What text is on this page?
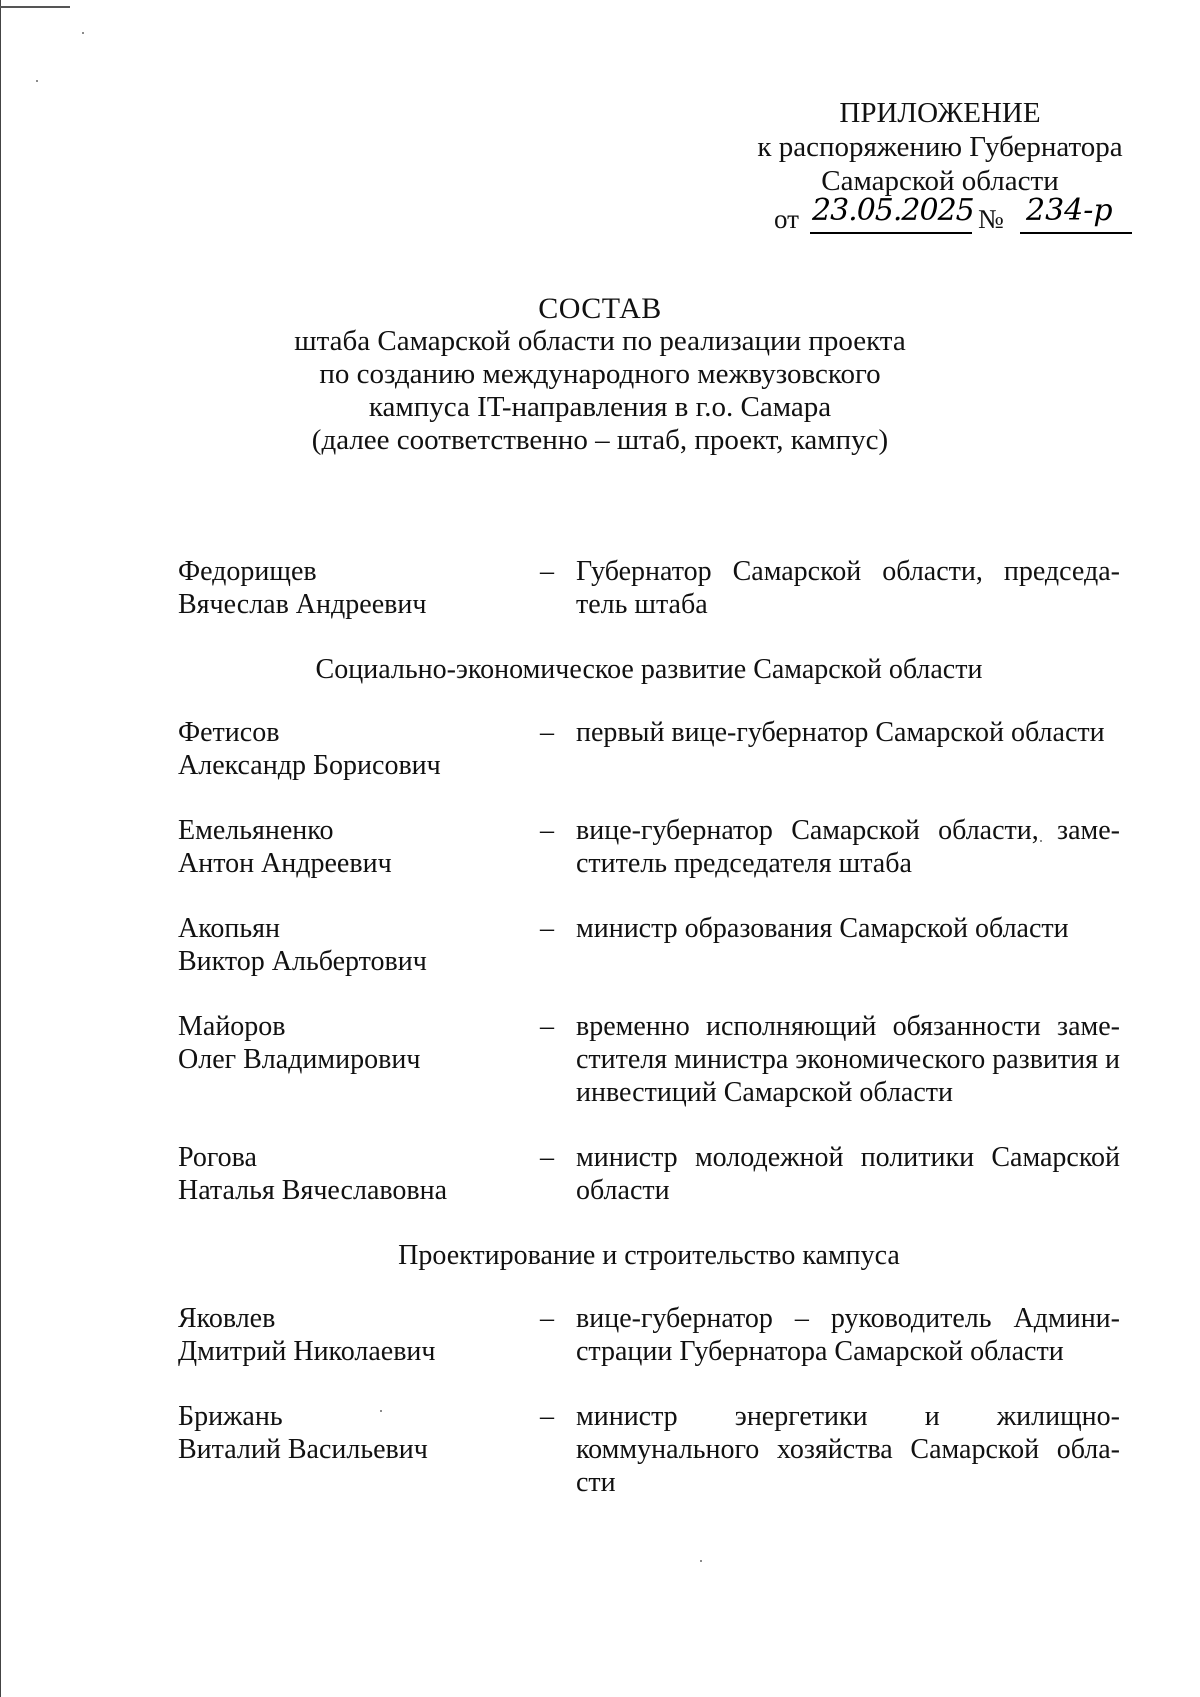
ПРИЛОЖЕНИЕ
к распоряжению Губернатора
Самарской области
от 23.05.2025 № 234-р
СОСТАВ
штаба Самарской области по реализации проекта
по созданию международного межвузовского
кампуса IT-направления в г.о. Самара
(далее соответственно – штаб, проект, кампус)
Федорищев
Вячеслав Андреевич
– Губернатор Самарской области, председа-тель штаба
Социально-экономическое развитие Самарской области
Фетисов
Александр Борисович
– первый вице-губернатор Самарской области
Емельяненко
Антон Андреевич
– вице-губернатор Самарской области, заме-ститель председателя штаба
Акопьян
Виктор Альбертович
– министр образования Самарской области
Майоров
Олег Владимирович
– временно исполняющий обязанности заме-стителя министра экономического развития и инвестиций Самарской области
Рогова
Наталья Вячеславовна
– министр молодежной политики Самарской области
Проектирование и строительство кампуса
Яковлев
Дмитрий Николаевич
– вице-губернатор – руководитель Админи-страции Губернатора Самарской области
Брижань
Виталий Васильевич
– министр энергетики и жилищно-коммунального хозяйства Самарской обла-сти
